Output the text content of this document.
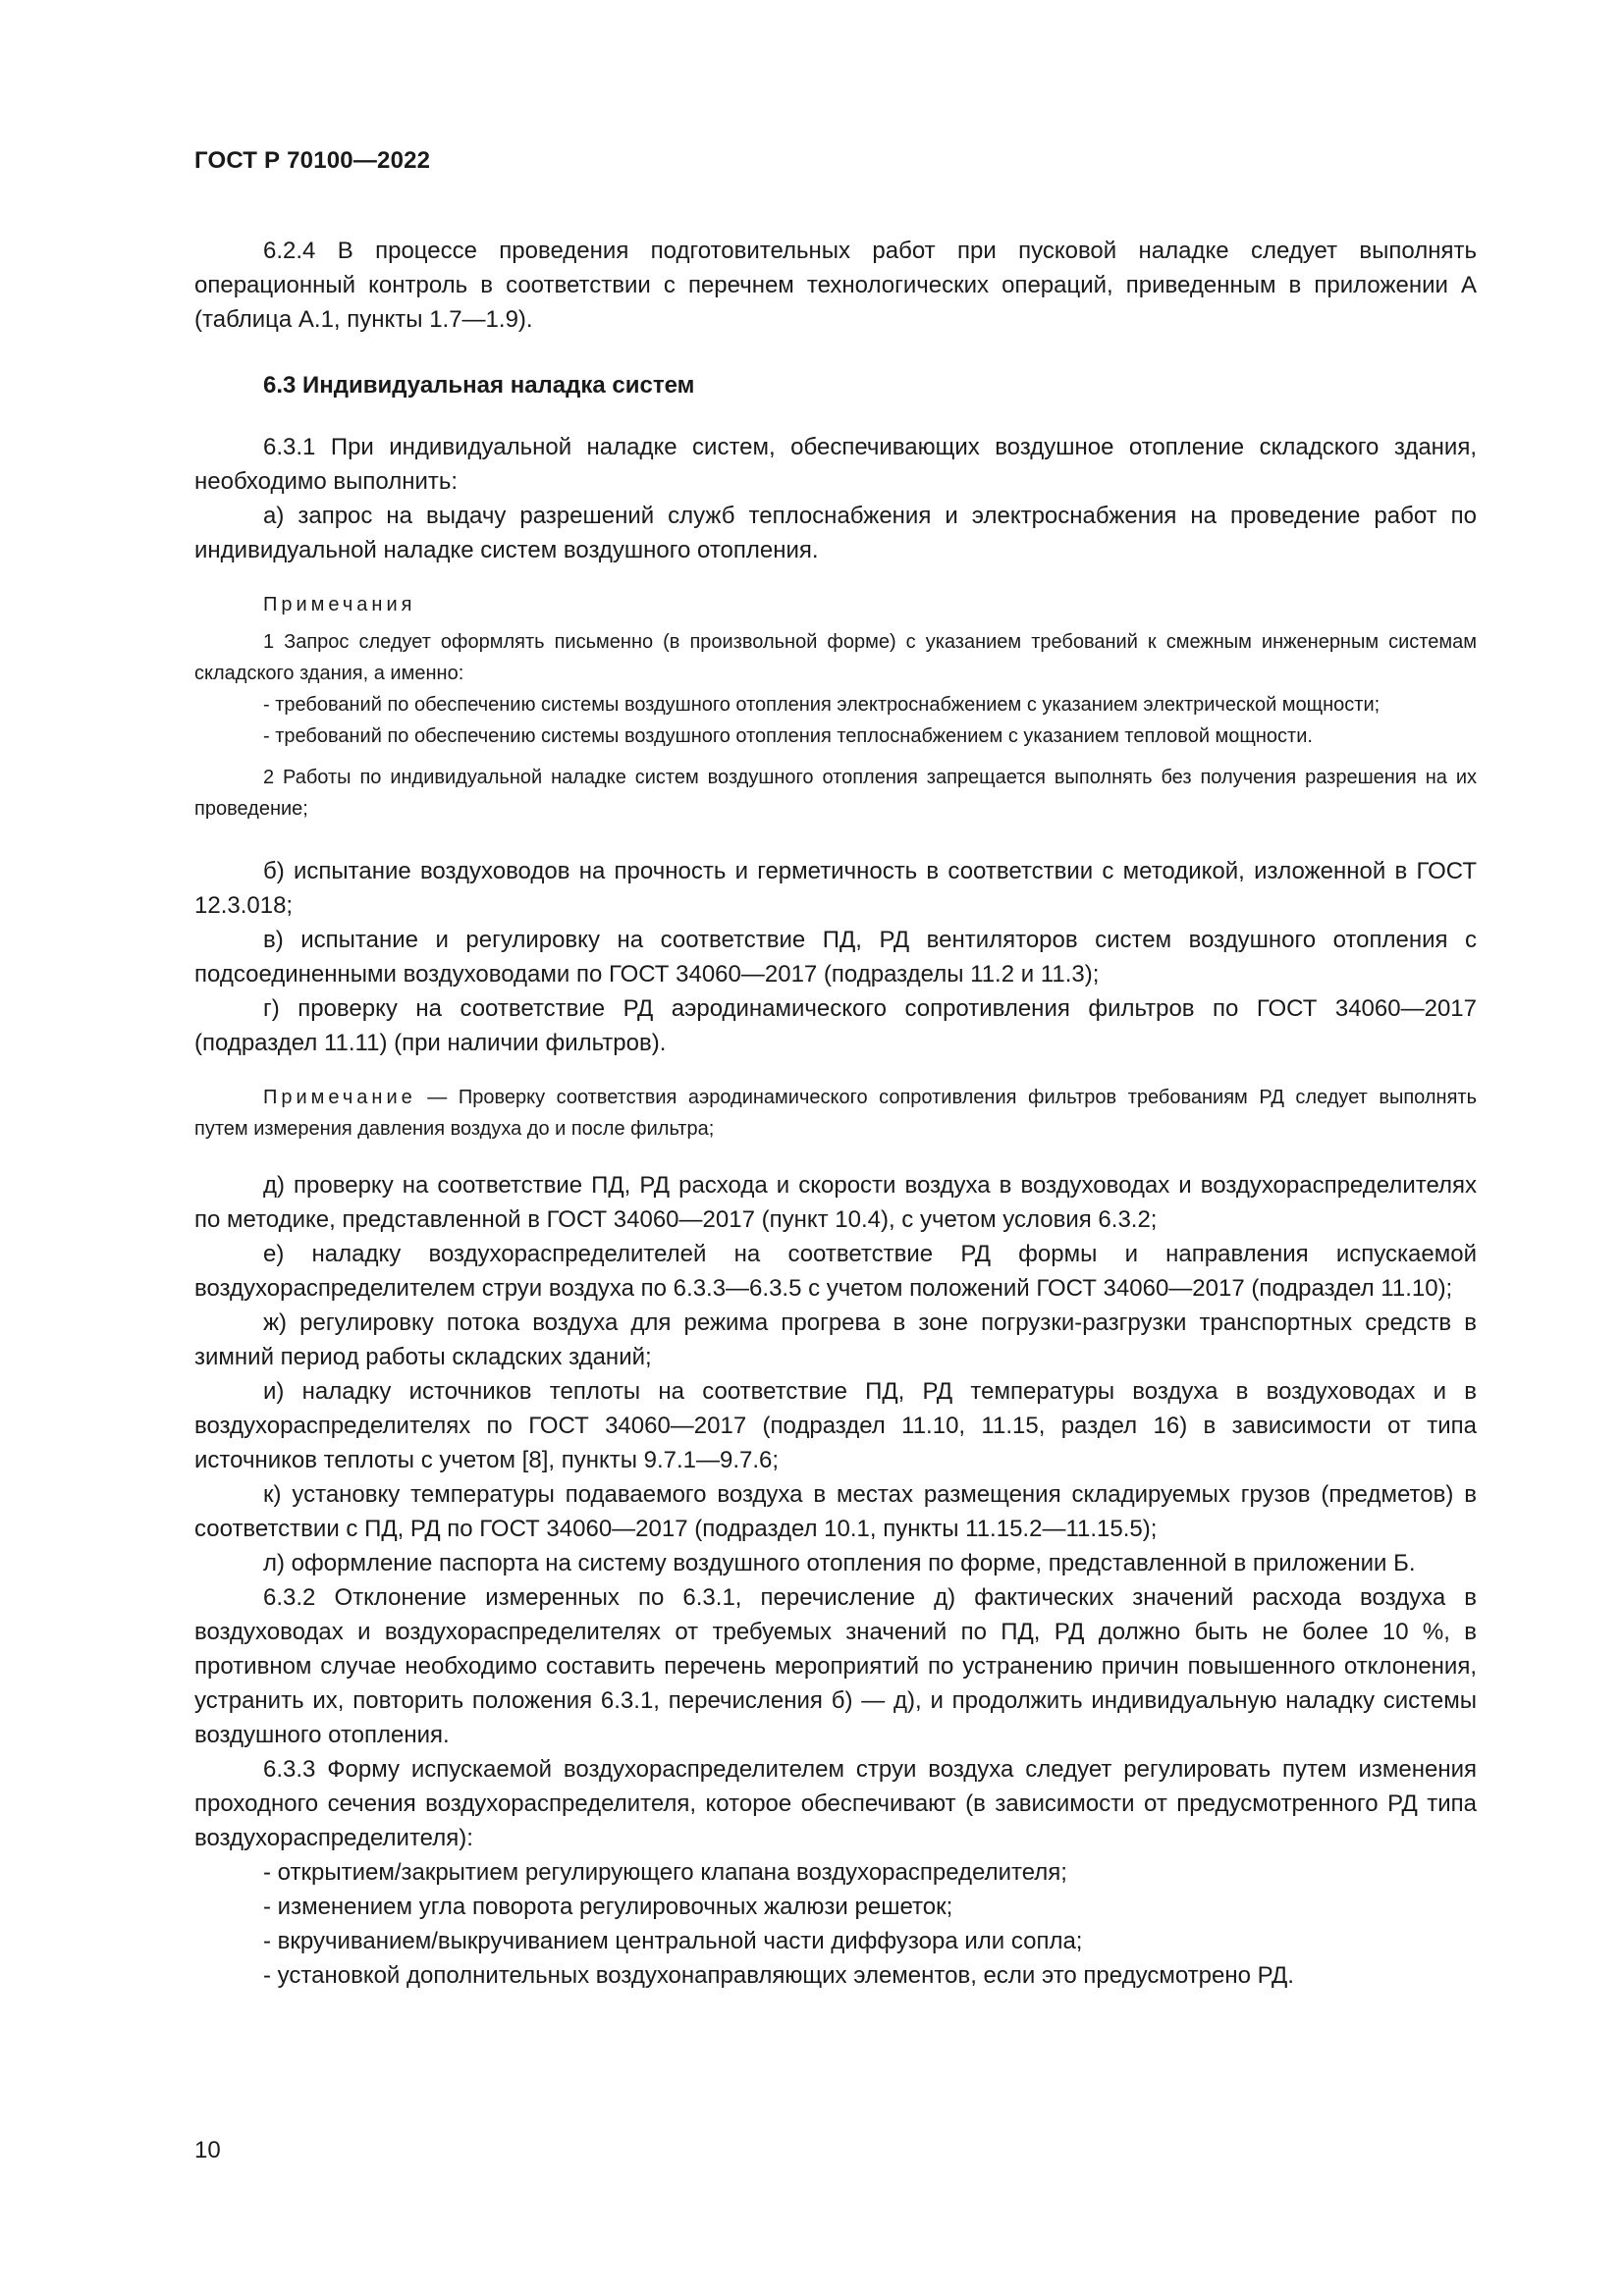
ГОСТ Р 70100—2022

6.2.4 В процессе проведения подготовительных работ при пусковой наладке следует выполнять операционный контроль в соответствии с перечнем технологических операций, приведенным в приложении А (таблица А.1, пункты 1.7—1.9).

6.3 Индивидуальная наладка систем

6.3.1 При индивидуальной наладке систем, обеспечивающих воздушное отопление складского здания, необходимо выполнить:

а) запрос на выдачу разрешений служб теплоснабжения и электроснабжения на проведение работ по индивидуальной наладке систем воздушного отопления.

Примечания

1 Запрос следует оформлять письменно (в произвольной форме) с указанием требований к смежным инженерным системам складского здания, а именно:

- требований по обеспечению системы воздушного отопления электроснабжением с указанием электрической мощности;

- требований по обеспечению системы воздушного отопления теплоснабжением с указанием тепловой мощности.

2 Работы по индивидуальной наладке систем воздушного отопления запрещается выполнять без получения разрешения на их проведение;

б) испытание воздуховодов на прочность и герметичность в соответствии с методикой, изложенной в ГОСТ 12.3.018;

в) испытание и регулировку на соответствие ПД, РД вентиляторов систем воздушного отопления с подсоединенными воздуховодами по ГОСТ 34060—2017 (подразделы 11.2 и 11.3);

г) проверку на соответствие РД аэродинамического сопротивления фильтров по ГОСТ 34060—2017 (подраздел 11.11) (при наличии фильтров).

Примечание — Проверку соответствия аэродинамического сопротивления фильтров требованиям РД следует выполнять путем измерения давления воздуха до и после фильтра;

д) проверку на соответствие ПД, РД расхода и скорости воздуха в воздуховодах и воздухораспределителях по методике, представленной в ГОСТ 34060—2017 (пункт 10.4), с учетом условия 6.3.2;

е) наладку воздухораспределителей на соответствие РД формы и направления испускаемой воздухораспределителем струи воздуха по 6.3.3—6.3.5 с учетом положений ГОСТ 34060—2017 (подраздел 11.10);

ж) регулировку потока воздуха для режима прогрева в зоне погрузки-разгрузки транспортных средств в зимний период работы складских зданий;

и) наладку источников теплоты на соответствие ПД, РД температуры воздуха в воздуховодах и в воздухораспределителях по ГОСТ 34060—2017 (подраздел 11.10, 11.15, раздел 16) в зависимости от типа источников теплоты с учетом [8], пункты 9.7.1—9.7.6;

к) установку температуры подаваемого воздуха в местах размещения складируемых грузов (предметов) в соответствии с ПД, РД по ГОСТ 34060—2017 (подраздел 10.1, пункты 11.15.2—11.15.5);

л) оформление паспорта на систему воздушного отопления по форме, представленной в приложении Б.

6.3.2 Отклонение измеренных по 6.3.1, перечисление д) фактических значений расхода воздуха в воздуховодах и воздухораспределителях от требуемых значений по ПД, РД должно быть не более 10 %, в противном случае необходимо составить перечень мероприятий по устранению причин повышенного отклонения, устранить их, повторить положения 6.3.1, перечисления б) — д), и продолжить индивидуальную наладку системы воздушного отопления.

6.3.3 Форму испускаемой воздухораспределителем струи воздуха следует регулировать путем изменения проходного сечения воздухораспределителя, которое обеспечивают (в зависимости от предусмотренного РД типа воздухораспределителя):

- открытием/закрытием регулирующего клапана воздухораспределителя;

- изменением угла поворота регулировочных жалюзи решеток;

- вкручиванием/выкручиванием центральной части диффузора или сопла;

- установкой дополнительных воздухонаправляющих элементов, если это предусмотрено РД.

10
